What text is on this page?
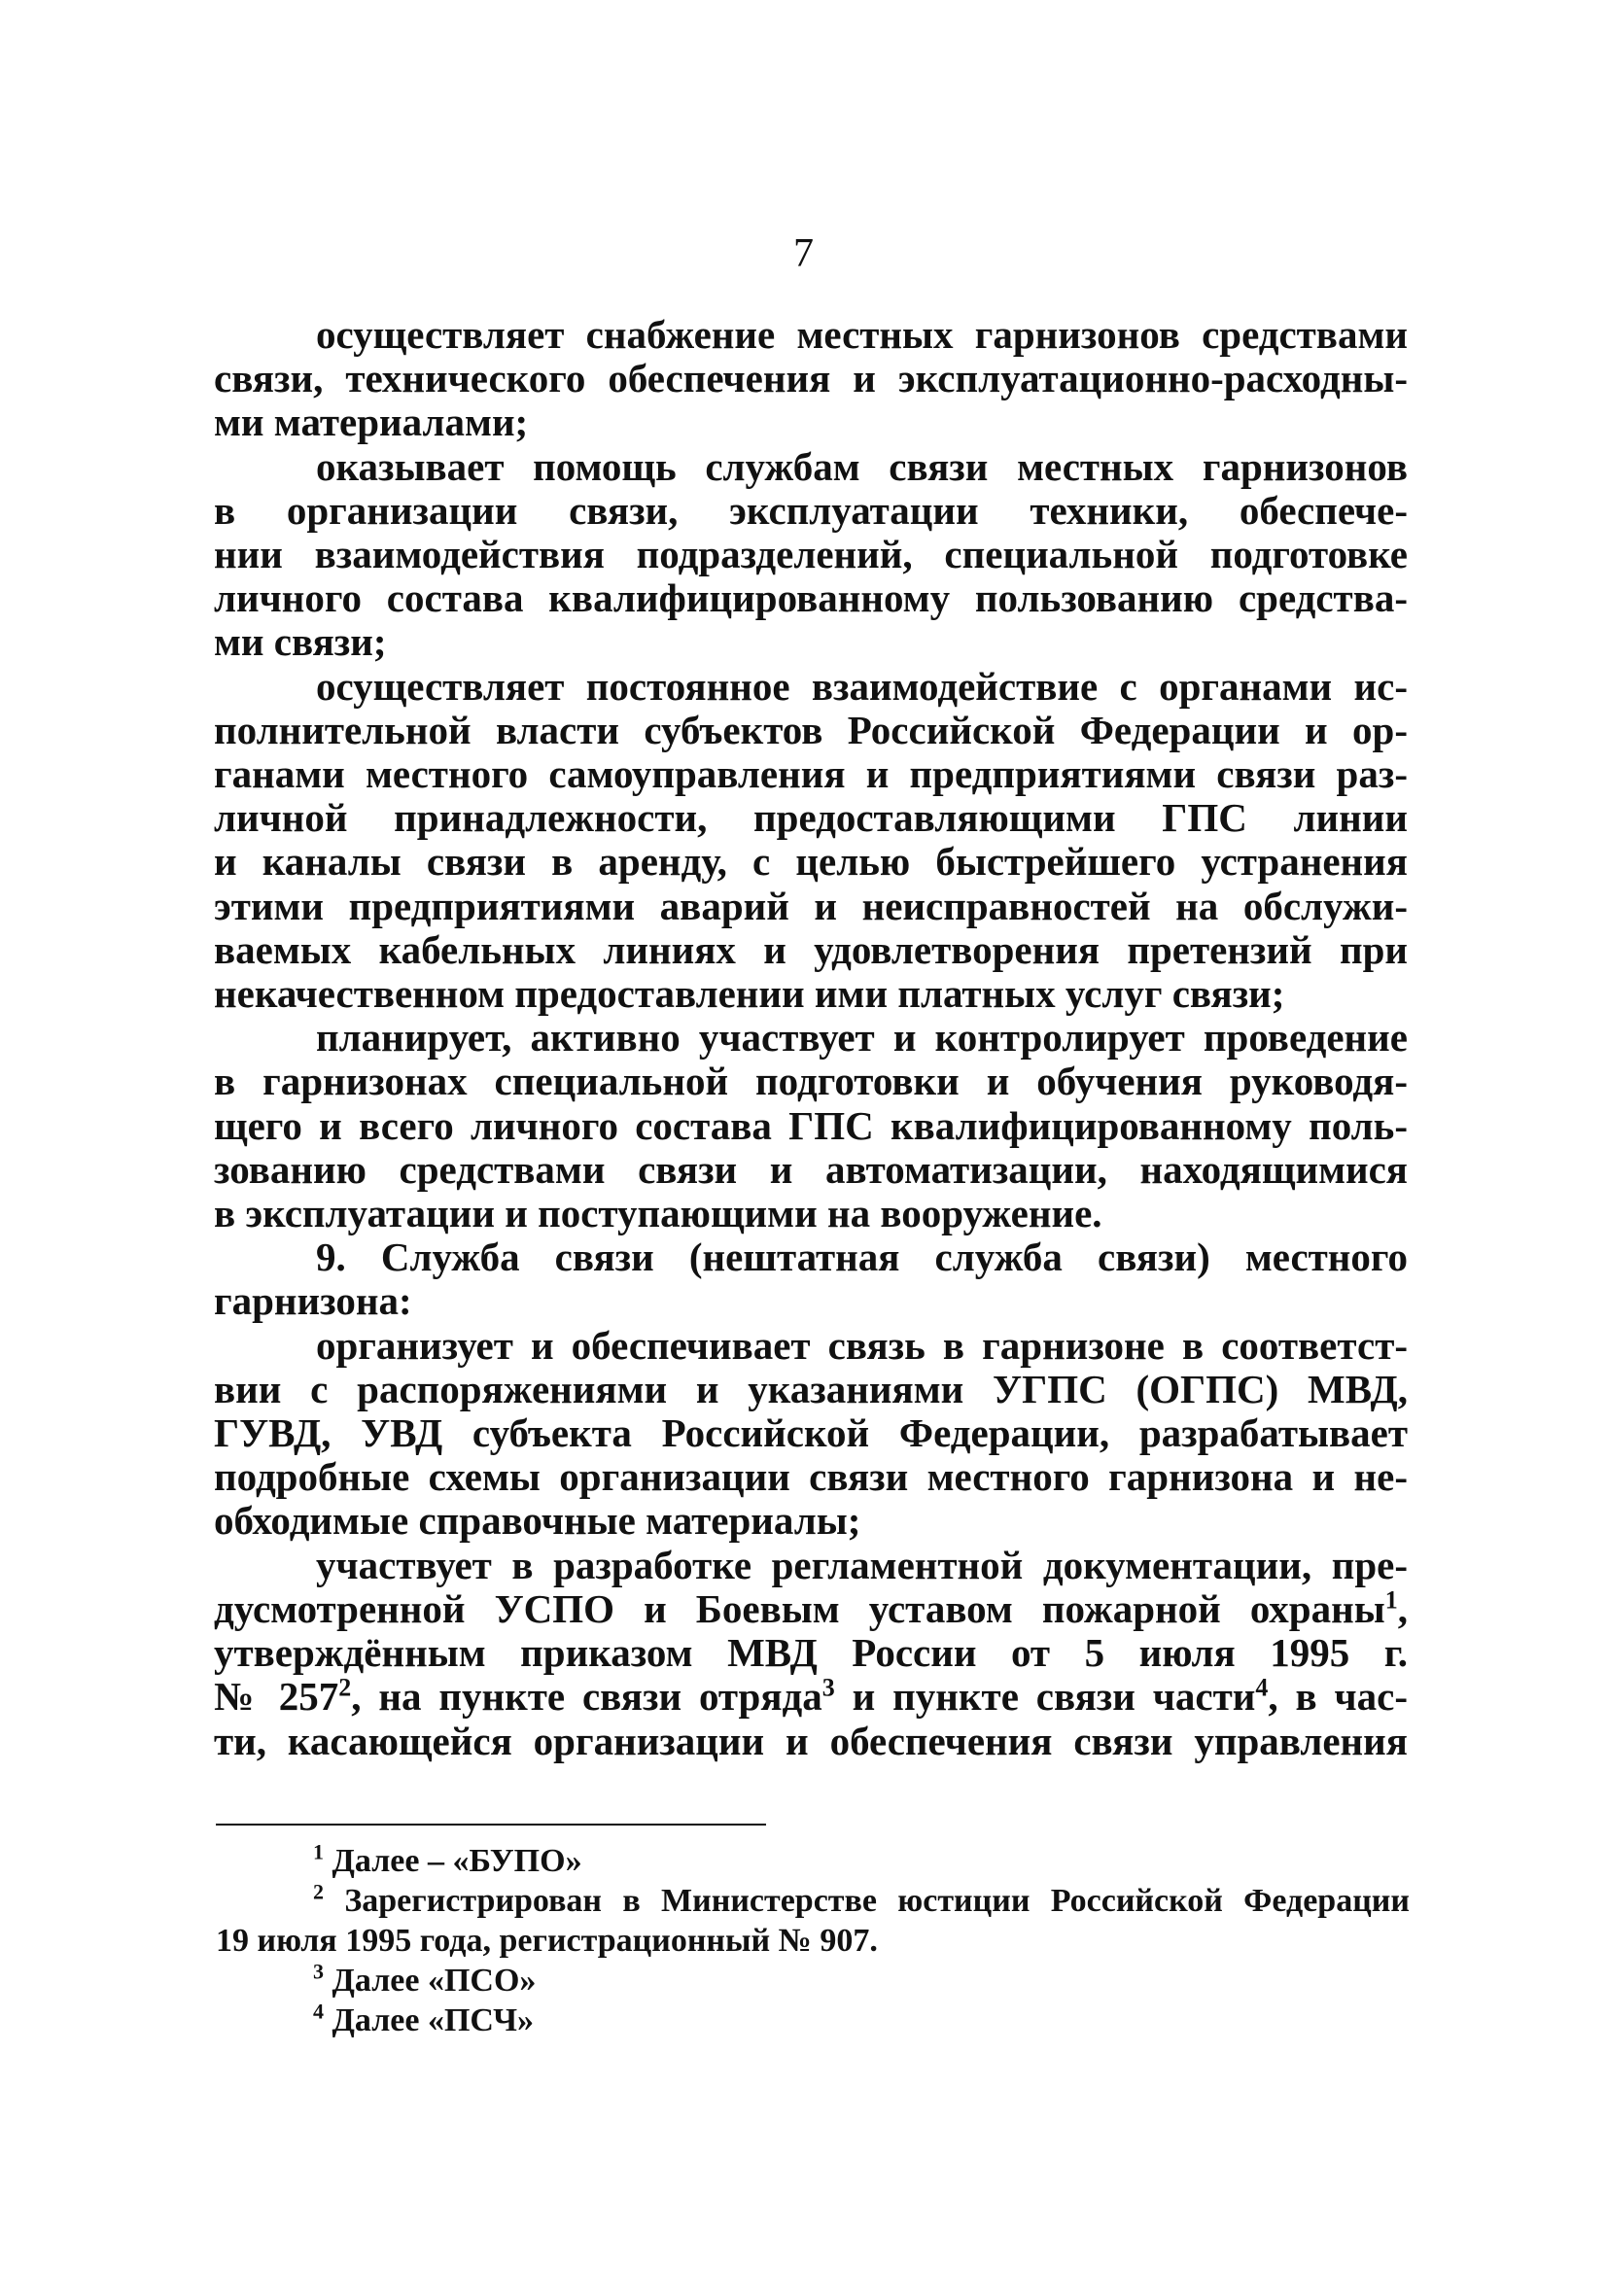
7

осуществляет снабжение местных гарнизонов средствами
связи, технического обеспечения и эксплуатационно-расходны-
ми материалами;

оказывает помощь службам связи местных гарнизонов
в организации связи, эксплуатации техники, обеспече-
нии взаимодействия подразделений, специальной подготовке
личного состава квалифицированному пользованию средства-
ми связи;

осуществляет постоянное взаимодействие с органами ис-
полнительной власти субъектов Российской Федерации и ор-
ганами местного самоуправления и предприятиями связи раз-
личной принадлежности, предоставляющими ГПС линии
и каналы связи в аренду, с целью быстрейшего устранения
этими предприятиями аварий и неисправностей на обслужи-
ваемых кабельных линиях и удовлетворения претензий при
некачественном предоставлении ими платных услуг связи;

планирует, активно участвует и контролирует проведение
в гарнизонах специальной подготовки и обучения руководя-
щего и всего личного состава ГПС квалифицированному поль-
зованию средствами связи и автоматизации, находящимися
в эксплуатации и поступающими на вооружение.

9. Служба связи (нештатная служба связи) местного
гарнизона:

организует и обеспечивает связь в гарнизоне в соответст-
вии с распоряжениями и указаниями УГПС (ОГПС) МВД,
ГУВД, УВД субъекта Российской Федерации, разрабатывает
подробные схемы организации связи местного гарнизона и не-
обходимые справочные материалы;

участвует в разработке регламентной документации, пре-
дусмотренной УСПО и Боевым уставом пожарной охраны$^1$,
утверждённым приказом МВД России от 5 июля 1995 г.
№ $257^2$, на пункте связи отряда$^3$ и пункте связи части$^4$, в час-
ти, касающейся организации и обеспечения связи управления

$^1$ Далее – «БУПО»
$^2$ Зарегистрирован в Министерстве юстиции Российской Федерации
19 июля 1995 года, регистрационный № 907.
$^3$ Далее «ПСО»
$^4$ Далее «ПСЧ»
